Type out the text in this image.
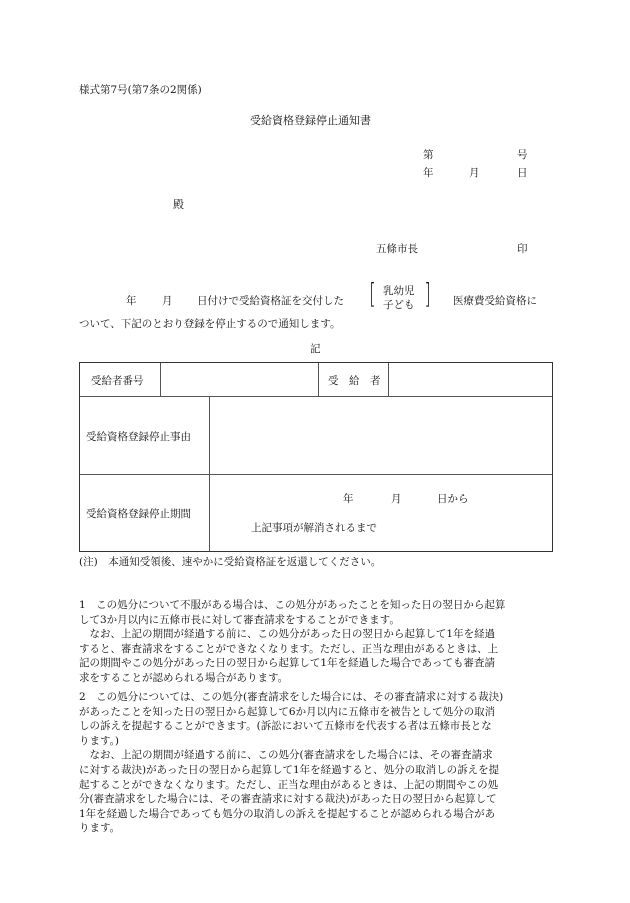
様式第7号(第7条の2関係)
受給資格登録停止通知書
第	号
年	月	日
殿
五條市長	印
年 月 日付けで受給資格証を交付した [ 乳幼児
子ども ] 医療費受給資格に
ついて、下記のとおり登録を停止するので通知します。
記
受給者番号	受　給　者
受給資格登録停止事由
受給資格登録停止期間
年	月	日から
上記事項が解消されるまで
(注)　本通知受領後、速やかに受給資格証を返還してください。

1　この処分について不服がある場合は、この処分があったことを知った日の翌日から起算

して3か月以内に五條市長に対して審査請求をすることができます。

　なお、上記の期間が経過する前に、この処分があった日の翌日から起算して1年を経過

すると、審査請求をすることができなくなります。ただし、正当な理由があるときは、上

記の期間やこの処分があった日の翌日から起算して1年を経過した場合であっても審査請

求をすることが認められる場合があります。

2　この処分については、この処分(審査請求をした場合には、その審査請求に対する裁決)

があったことを知った日の翌日から起算して6か月以内に五條市を被告として処分の取消

しの訴えを提起することができます。(訴訟において五條市を代表する者は五條市長とな

ります。)

　なお、上記の期間が経過する前に、この処分(審査請求をした場合には、その審査請求

に対する裁決)があった日の翌日から起算して1年を経過すると、処分の取消しの訴えを提

起することができなくなります。ただし、正当な理由があるときは、上記の期間やこの処

分(審査請求をした場合には、その審査請求に対する裁決)があった日の翌日から起算して

1年を経過した場合であっても処分の取消しの訴えを提起することが認められる場合があ

ります。
